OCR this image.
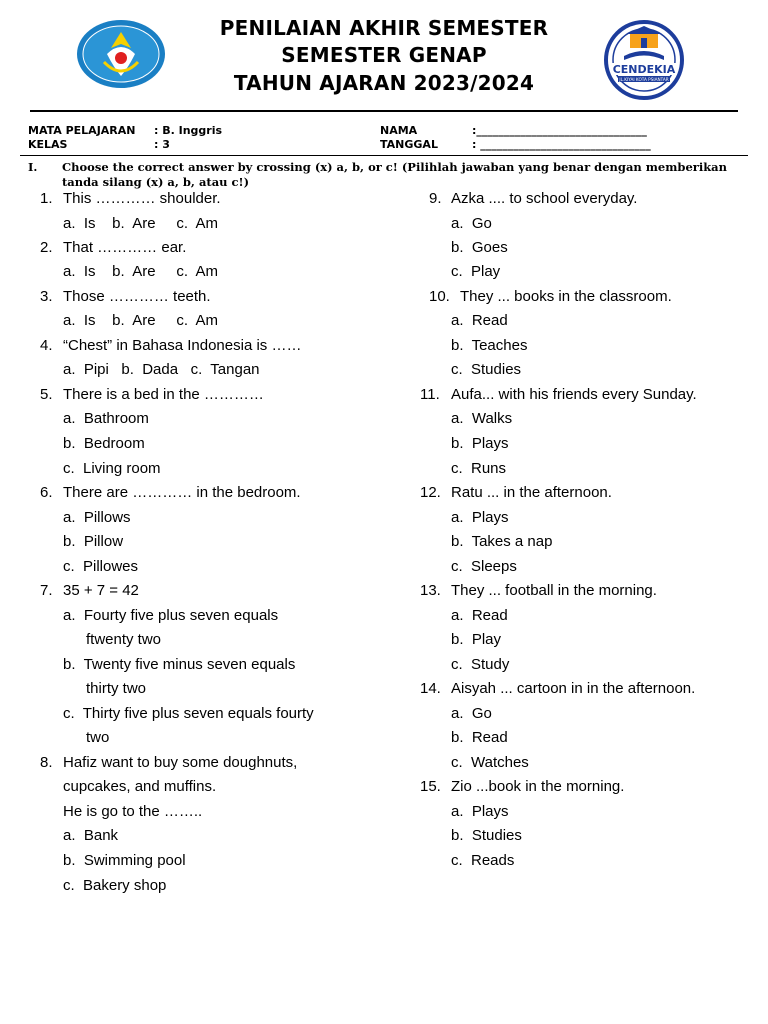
CENDEKIA
JL.KIYAI KOTA PSIANTAR
PENILAIAN AKHIR SEMESTER
SEMESTER GENAP
TAHUN AJARAN 2023/2024
MATA PELAJARAN : B. Inggris
KELAS	: 3
NAMA	:_______________________________
TANGGAL	: _______________________________
I. Choose the correct answer by crossing (x) a, b, or c! (Pilihlah jawaban yang benar dengan memberikan tanda silang (x) a, b, atau c!)
1. This ………… shoulder.
a.  Is    b.  Are     c.  Am
2. That ………… ear.
a.  Is    b.  Are     c.  Am
3. Those ………… teeth.
a.  Is    b.  Are     c.  Am
4. “Chest” in Bahasa Indonesia is ……
a.  Pipi   b.  Dada   c.  Tangan
5. There is a bed in the …………
a.  Bathroom
b.  Bedroom
c.  Living room
6. There are ………… in the bedroom.
a.  Pillows
b.  Pillow
c.  Pillowes
7. 35 + 7 = 42
a.  Fourty five plus seven equals
ftwenty two
b.  Twenty five minus seven equals
thirty two
c.  Thirty five plus seven equals fourty
two
8. Hafiz want to buy some doughnuts,
cupcakes, and muffins.
He is go to the ……..
a.  Bank
b.  Swimming pool
c.  Bakery shop
9. Azka .... to school everyday.
a.  Go
b.  Goes
c.  Play
10. They ... books in the classroom.
a.  Read
b.  Teaches
c.  Studies
11. Aufa... with his friends every Sunday.
a.  Walks
b.  Plays
c.  Runs
12. Ratu ... in the afternoon.
a.  Plays
b.  Takes a nap
c.  Sleeps
13. They ... football in the morning.
a.  Read
b.  Play
c.  Study
14. Aisyah ... cartoon in in the afternoon.
a.  Go
b.  Read
c.  Watches
15. Zio ...book in the morning.
a.  Plays
b.  Studies
c.  Reads
